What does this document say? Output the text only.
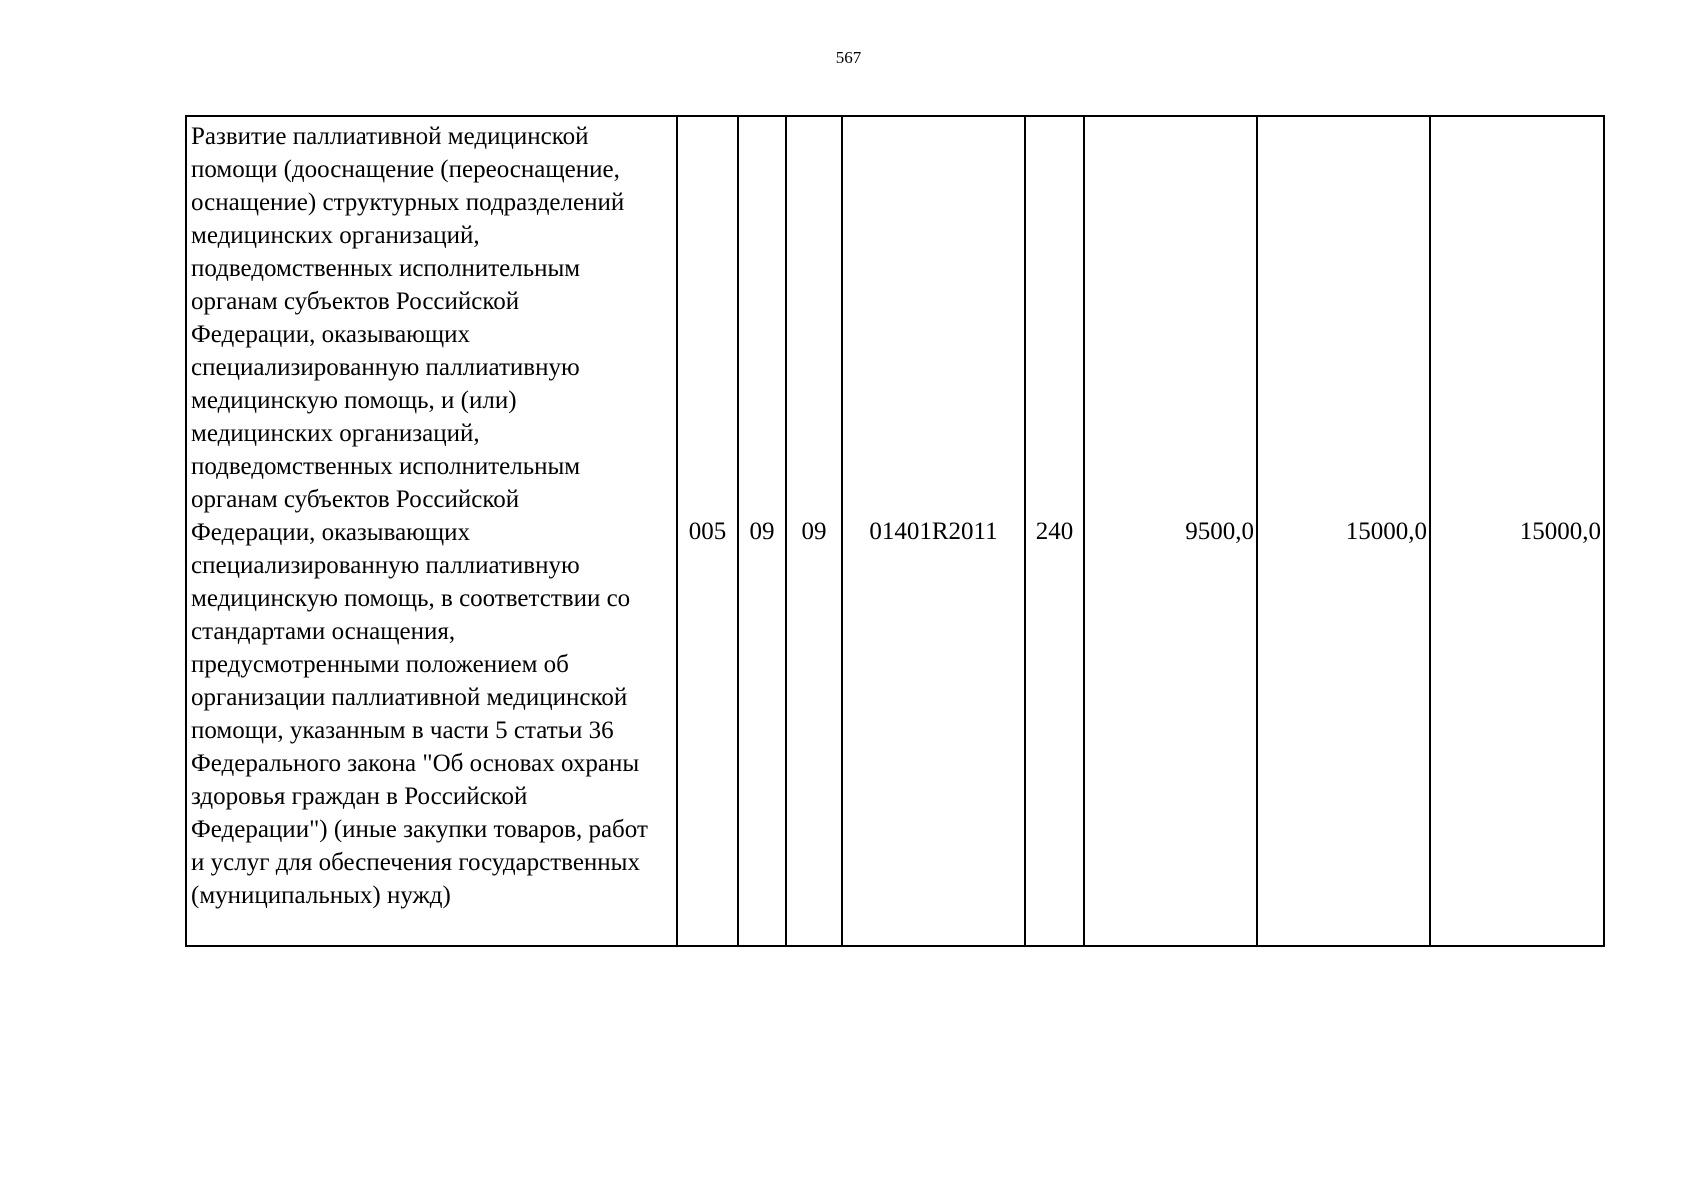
567
Развитие паллиативной медицинской
помощи (дооснащение (переоснащение,
оснащение) структурных подразделений
медицинских организаций,
подведомственных исполнительным
органам субъектов Российской
Федерации, оказывающих
специализированную паллиативную
медицинскую помощь, и (или)
медицинских организаций,
подведомственных исполнительным
органам субъектов Российской
Федерации, оказывающих
специализированную паллиативную
медицинскую помощь, в соответствии со
стандартами оснащения,
предусмотренными положением об
организации паллиативной медицинской
помощи, указанным в части 5 статьи 36
Федерального закона "Об основах охраны
здоровья граждан в Российской
Федерации") (иные закупки товаров, работ
и услуг для обеспечения государственных
(муниципальных) нужд)	005	09	09	01401R2011	240	9500,0	15000,0	15000,0
